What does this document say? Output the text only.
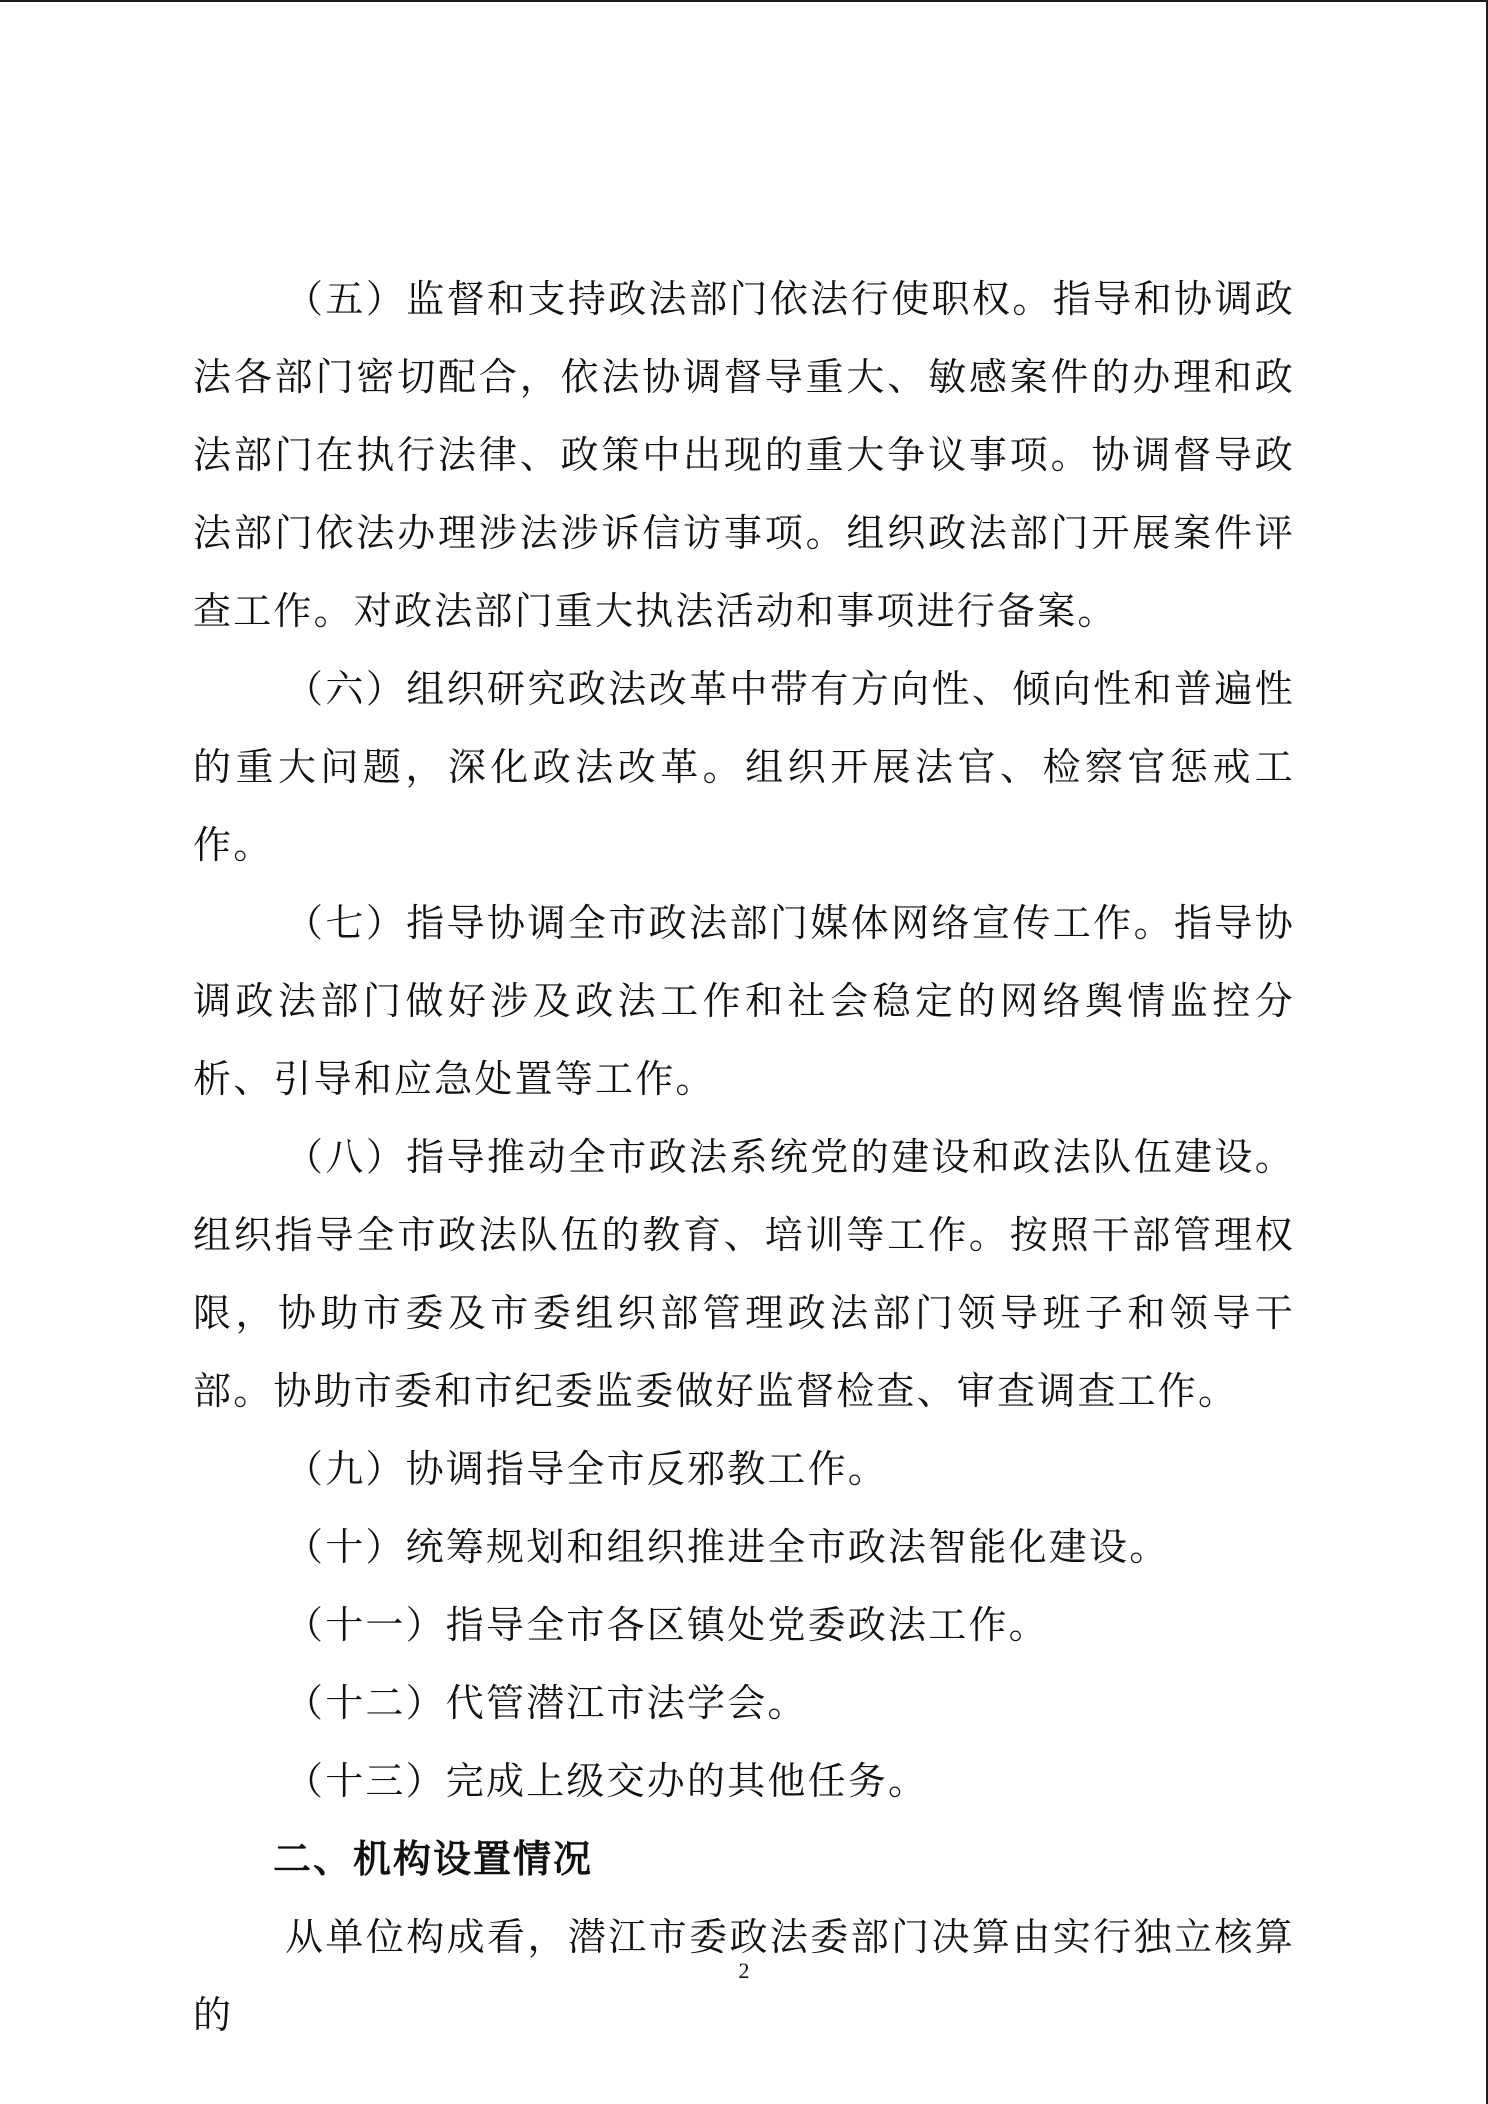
（五）监督和支持政法部门依法行使职权。指导和协调政法各部门密切配合，依法协调督导重大、敏感案件的办理和政法部门在执行法律、政策中出现的重大争议事项。协调督导政法部门依法办理涉法涉诉信访事项。组织政法部门开展案件评查工作。对政法部门重大执法活动和事项进行备案。

（六）组织研究政法改革中带有方向性、倾向性和普遍性的重大问题，深化政法改革。组织开展法官、检察官惩戒工作。

（七）指导协调全市政法部门媒体网络宣传工作。指导协调政法部门做好涉及政法工作和社会稳定的网络舆情监控分析、引导和应急处置等工作。

（八）指导推动全市政法系统党的建设和政法队伍建设。组织指导全市政法队伍的教育、培训等工作。按照干部管理权限，协助市委及市委组织部管理政法部门领导班子和领导干部。协助市委和市纪委监委做好监督检查、审查调查工作。

（九）协调指导全市反邪教工作。

（十）统筹规划和组织推进全市政法智能化建设。

（十一）指导全市各区镇处党委政法工作。

（十二）代管潜江市法学会。

（十三）完成上级交办的其他任务。

二、机构设置情况

从单位构成看，潜江市委政法委部门决算由实行独立核算的

2
